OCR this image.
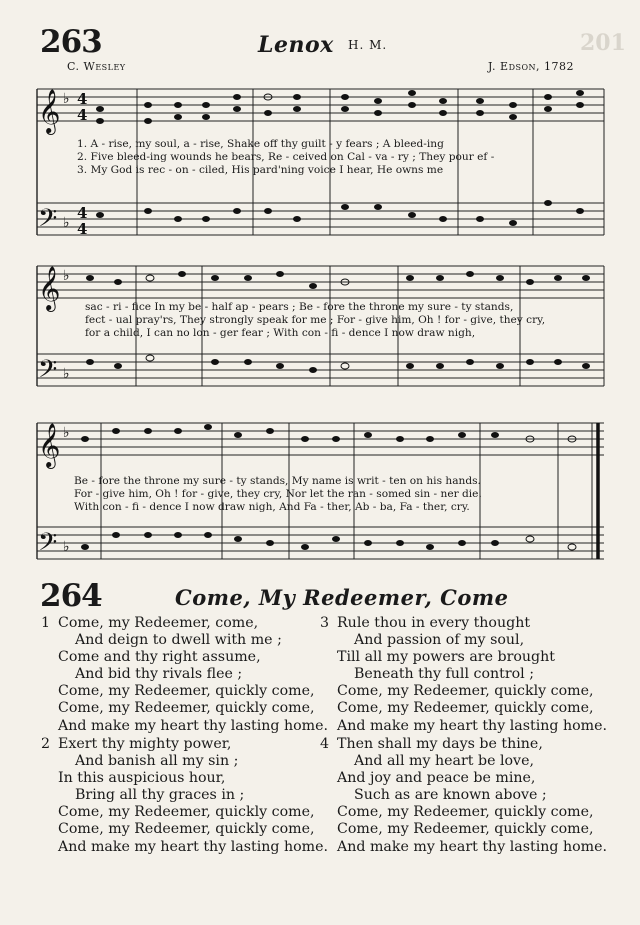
263	Lenox H. M.	201
C. Wesley	J. Edson, 1782
𝄞
𝄢
𝄞
𝄢
𝄞
𝄢
♭
♭
♭
♭
♭
♭
4
4
4
4
1. A - rise, my soul, a - rise, Shake off thy guilt - y fears ; A bleed-ing
2. Five bleed-ing wounds he bears, Re - ceived on Cal - va - ry ; They pour ef -
3. My God is rec - on - ciled, His pard'ning voice I hear, He owns me
sac - ri - fice In my be - half ap - pears ; Be - fore the throne my sure - ty stands,
fect - ual pray'rs, They strongly speak for me ; For - give him, Oh ! for - give, they cry,
for a child, I can no lon - ger fear ; With con - fi - dence I now draw nigh,
Be - fore the throne my sure - ty stands, My name is writ - ten on his hands.
For - give him, Oh ! for - give, they cry, Nor let the ran - somed sin - ner die.
With con - fi - dence I now draw nigh, And Fa - ther, Ab - ba, Fa - ther, cry.
264	Come, My Redeemer, Come
1 Come, my Redeemer, come,
And deign to dwell with me ;
Come and thy right assume,
And bid thy rivals flee ;
Come, my Redeemer, quickly come,
Come, my Redeemer, quickly come,
And make my heart thy lasting home.
2 Exert thy mighty power,
And banish all my sin ;
In this auspicious hour,
Bring all thy graces in ;
Come, my Redeemer, quickly come,
Come, my Redeemer, quickly come,
And make my heart thy lasting home.
3 Rule thou in every thought
And passion of my soul,
Till all my powers are brought
Beneath thy full control ;
Come, my Redeemer, quickly come,
Come, my Redeemer, quickly come,
And make my heart thy lasting home.
4 Then shall my days be thine,
And all my heart be love,
And joy and peace be mine,
Such as are known above ;
Come, my Redeemer, quickly come,
Come, my Redeemer, quickly come,
And make my heart thy lasting home.
